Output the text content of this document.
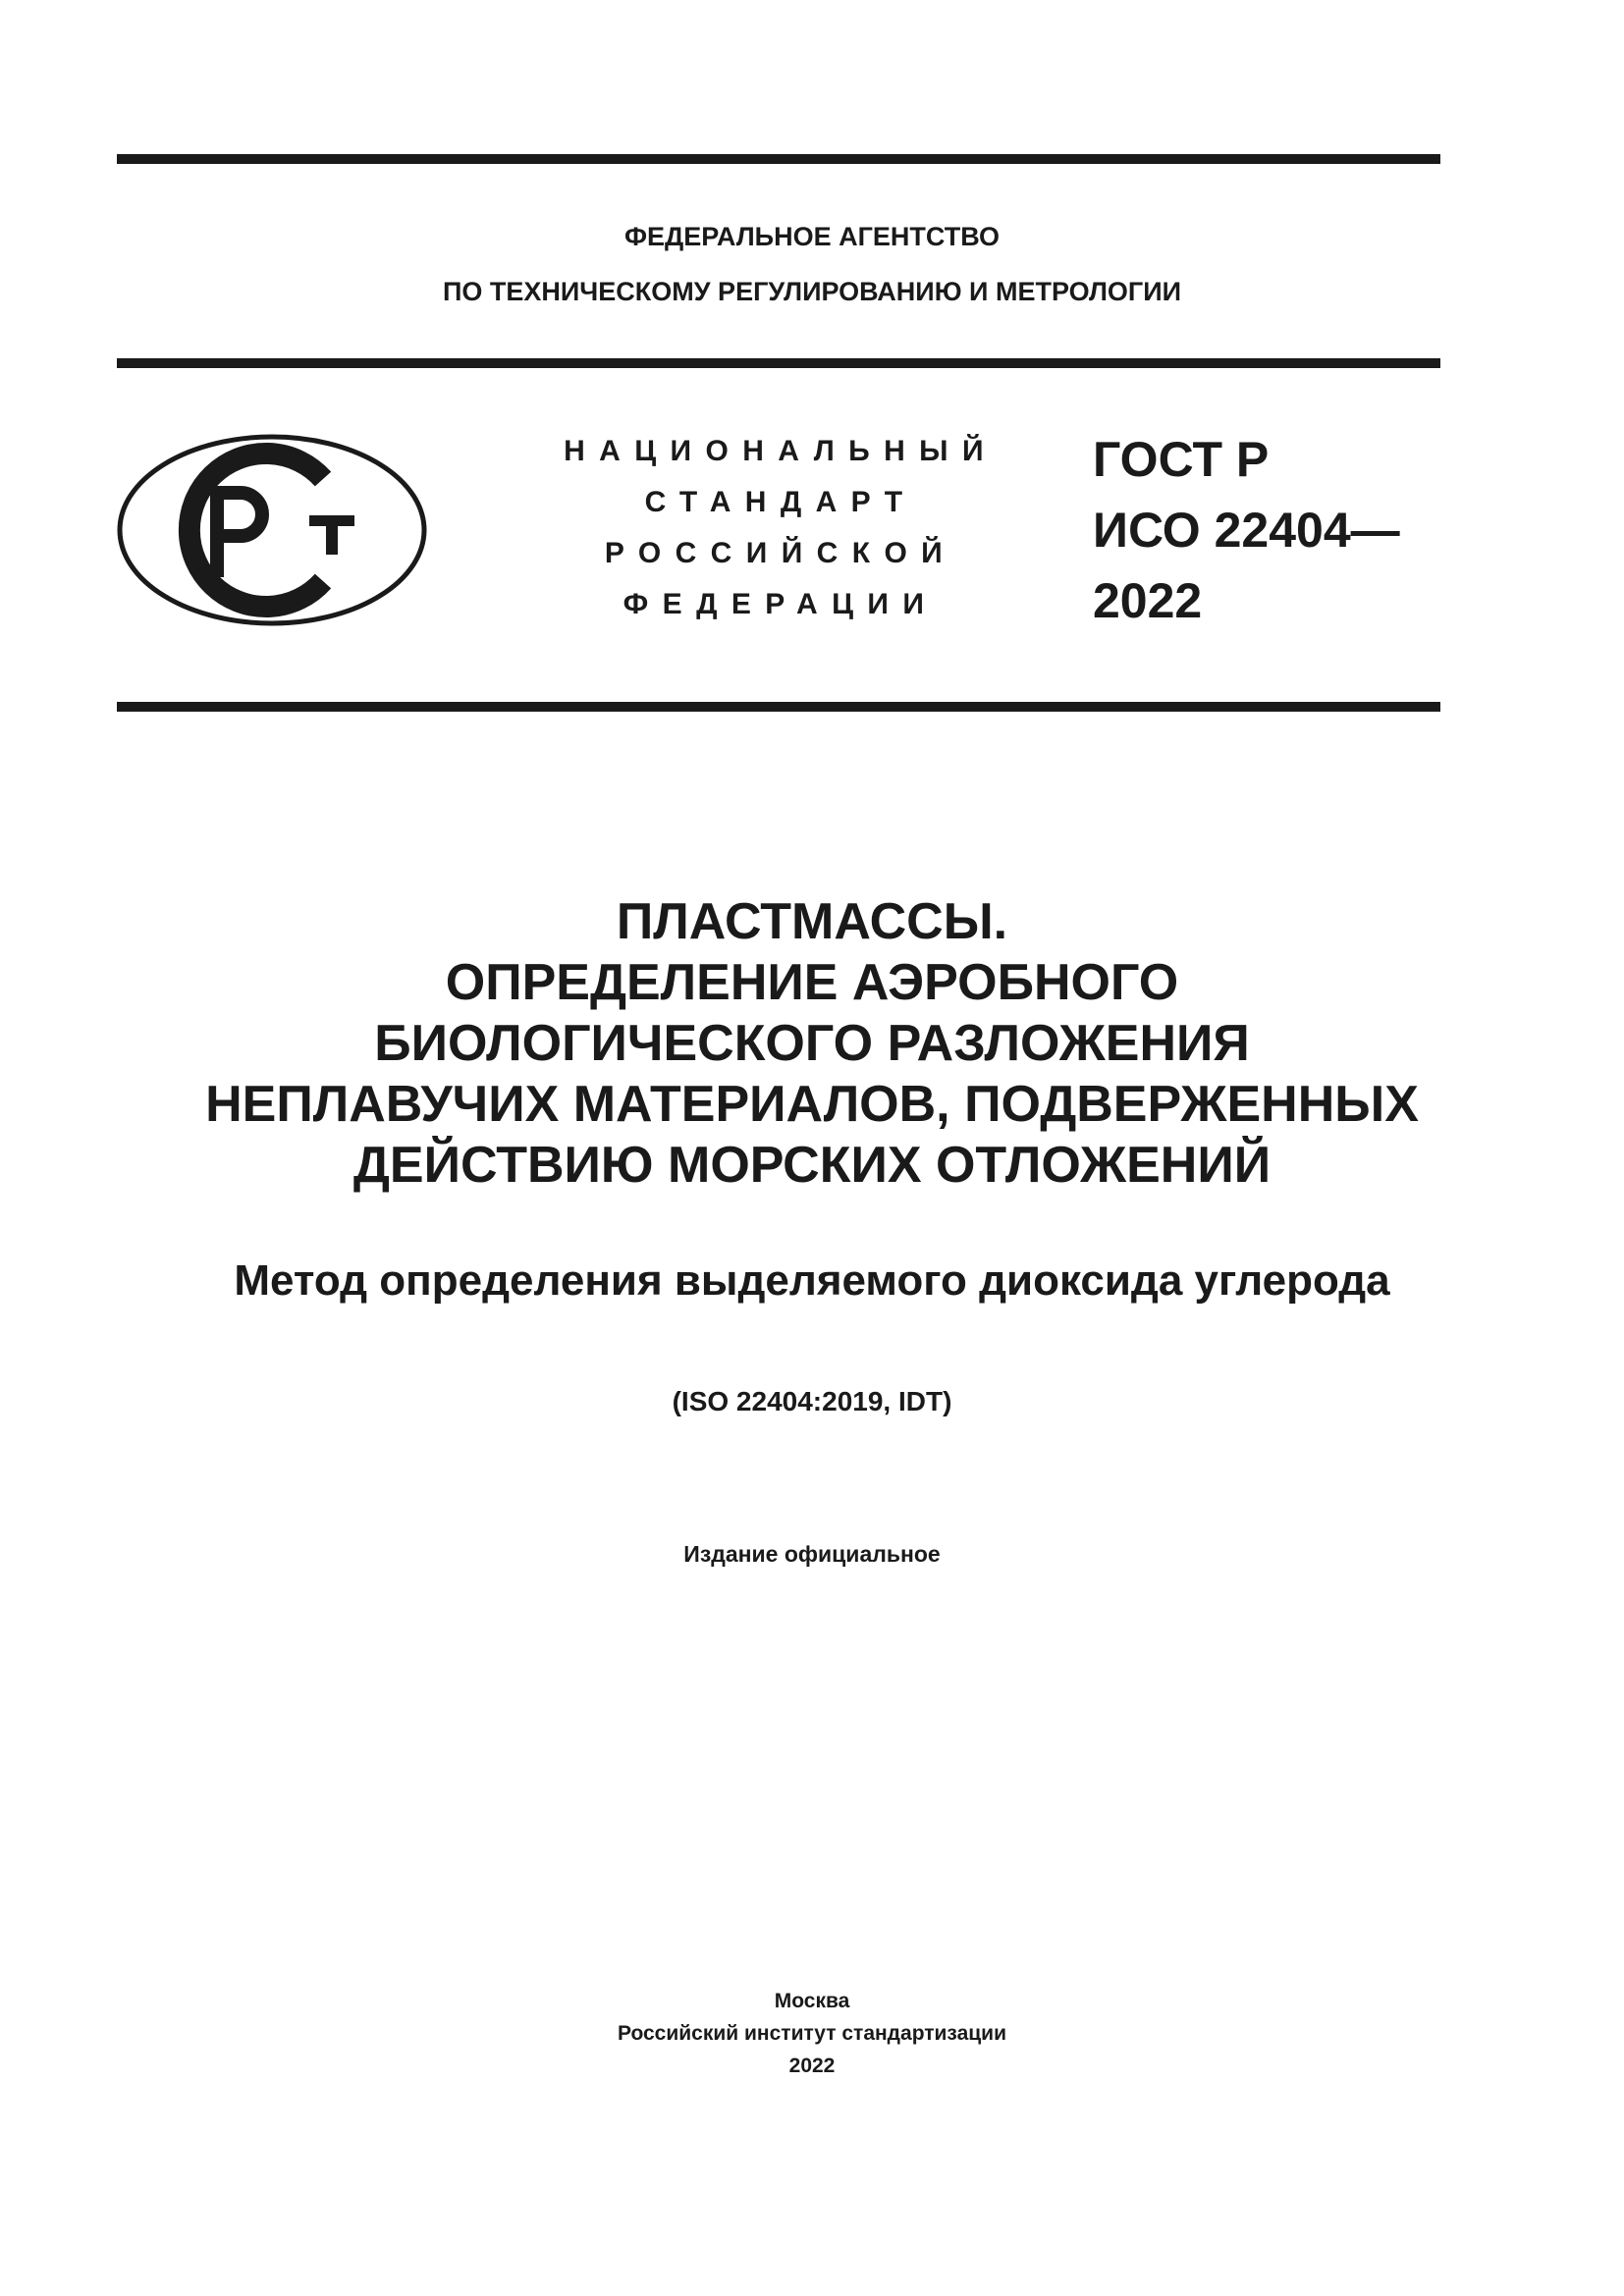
ФЕДЕРАЛЬНОЕ АГЕНТСТВО
ПО ТЕХНИЧЕСКОМУ РЕГУЛИРОВАНИЮ И МЕТРОЛОГИИ
НАЦИОНАЛЬНЫЙ
СТАНДАРТ
РОССИЙСКОЙ
ФЕДЕРАЦИИ
ГОСТ Р
ИСО 22404—
2022
ПЛАСТМАССЫ.
ОПРЕДЕЛЕНИЕ АЭРОБНОГО
БИОЛОГИЧЕСКОГО РАЗЛОЖЕНИЯ
НЕПЛАВУЧИХ МАТЕРИАЛОВ, ПОДВЕРЖЕННЫХ
ДЕЙСТВИЮ МОРСКИХ ОТЛОЖЕНИЙ
Метод определения выделяемого диоксида углерода
(ISO 22404:2019, IDT)
Издание официальное
Москва
Российский институт стандартизации
2022
